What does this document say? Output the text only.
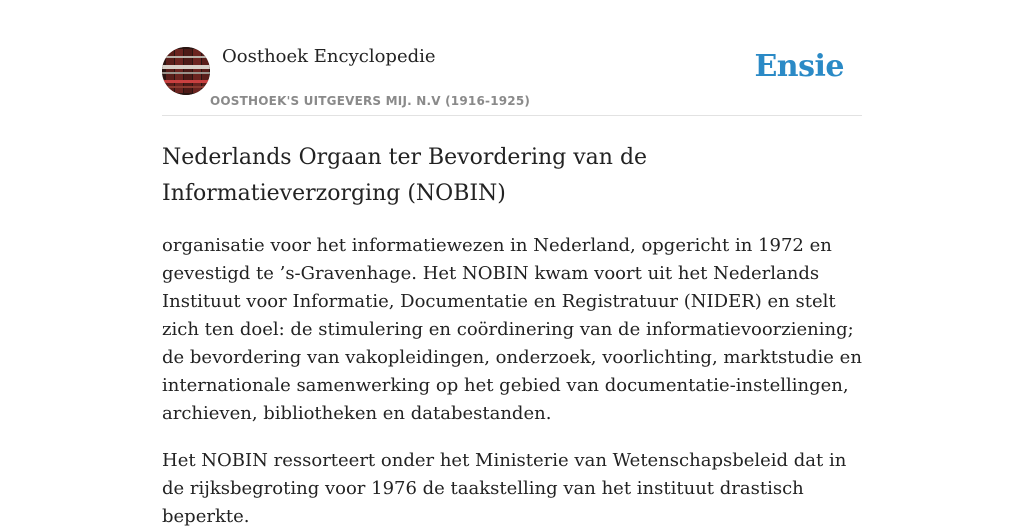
Oosthoek Encyclopedie
OOSTHOEK'S UITGEVERS MIJ. N.V (1916-1925)
Ensie
Nederlands Orgaan ter Bevordering van de Informatieverzorging (NOBIN)

organisatie voor het informatiewezen in Nederland, opgericht in 1972 en gevestigd te ’s-Gravenhage. Het NOBIN kwam voort uit het Nederlands Instituut voor Informatie, Documentatie en Registratuur (NIDER) en stelt zich ten doel: de stimulering en coördinering van de informatievoorziening; de bevordering van vakopleidingen, onderzoek, voorlichting, marktstudie en internationale samenwerking op het gebied van documentatie-instellingen, archieven, bibliotheken en databestanden.

Het NOBIN ressorteert onder het Ministerie van Wetenschapsbeleid dat in de rijksbegroting voor 1976 de taakstelling van het instituut drastisch beperkte.
